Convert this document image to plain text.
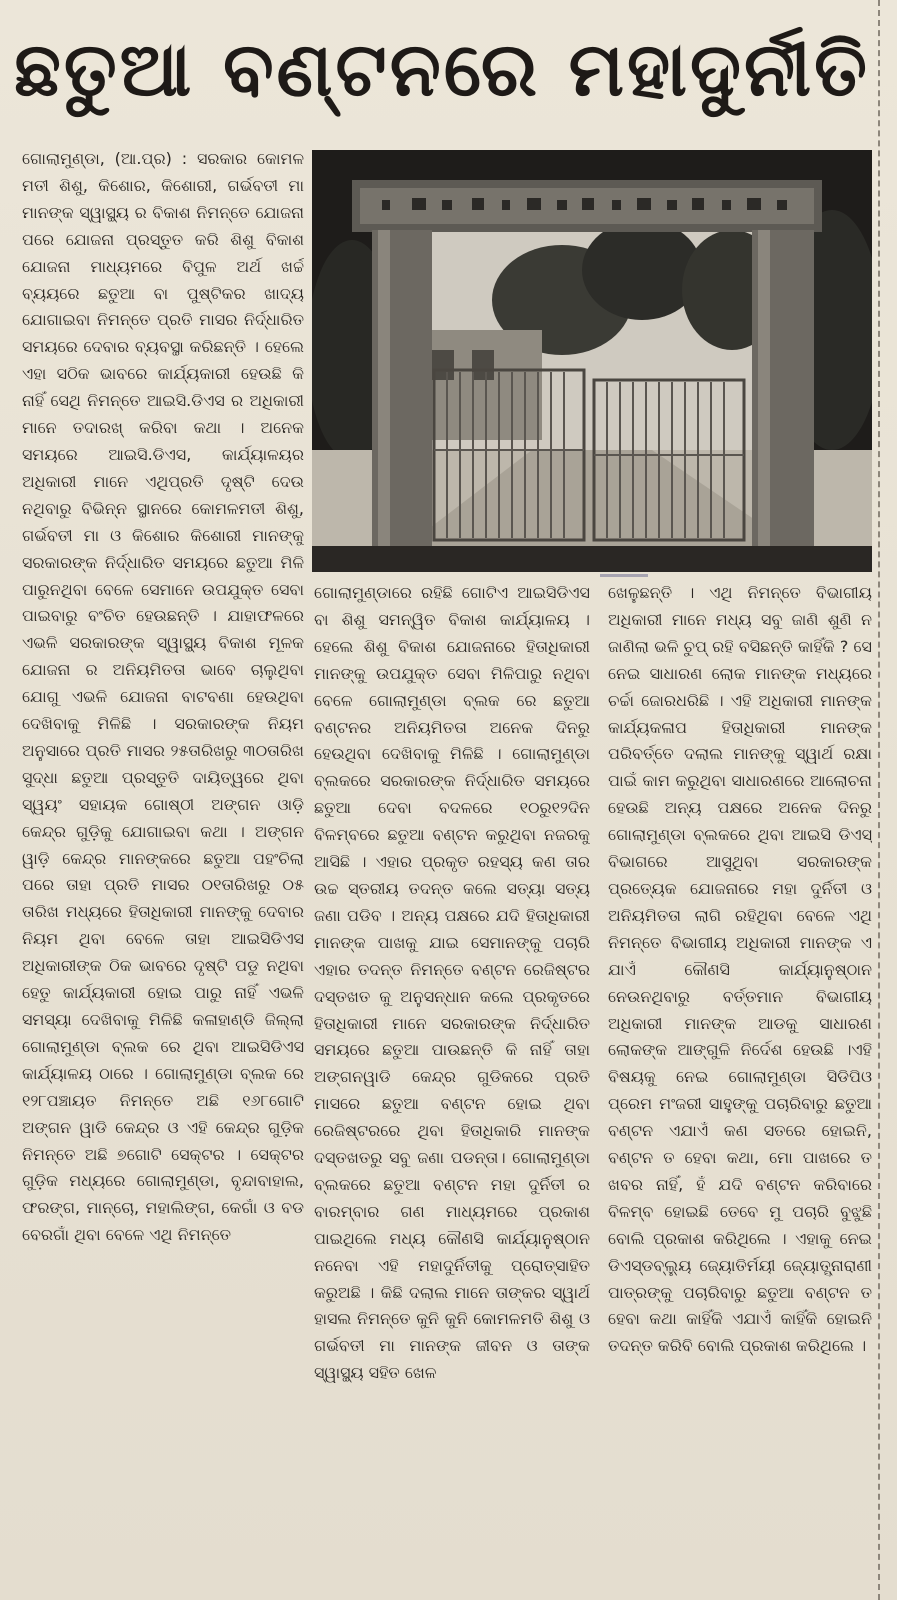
ଛତୁଆ ବଣ୍ଟନରେ ମହାଦୁର୍ନୀତି
ଗୋଲାମୁଣ୍ଡା, (ଆ.ପ୍ର) : ସରକାର କୋମଳ ମତୀ ଶିଶୁ, କିଶୋର, କିଶୋରୀ, ଗର୍ଭବତୀ ମା ମାନଙ୍କ ସ୍ୱାସ୍ଥ୍ୟ ର ବିକାଶ ନିମନ୍ତେ ଯୋଜନା ପରେ ଯୋଜନା ପ୍ରସ୍ତୁତ କରି ଶିଶୁ ବିକାଶ ଯୋଜନା ମାଧ୍ୟମରେ ବିପୁଳ ଅର୍ଥ ଖର୍ଚ୍ଚ ବ୍ୟୟରେ ଛତୁଆ ବା ପୁଷ୍ଟିକର ଖାଦ୍ୟ ଯୋଗାଇବା ନିମନ୍ତେ ପ୍ରତି ମାସର ନିର୍ଦ୍ଧାରିତ ସମୟରେ ଦେବାର ବ୍ୟବସ୍ଥା କରିଛନ୍ତି । ହେଲେ ଏହା ସଠିକ ଭାବରେ କାର୍ଯ୍ୟକାରୀ ହେଉଛି କି ନାହିଁ ସେଥି ନିମନ୍ତେ ଆଇସି.ଡିଏସ ର ଅଧିକାରୀ ମାନେ ତଦାରଖ୍ କରିବା କଥା । ଅନେକ ସମୟରେ ଆଇସି.ଡିଏସ, କାର୍ଯ୍ୟାଳୟର ଅଧିକାରୀ ମାନେ ଏଥିପ୍ରତି ଦୃଷ୍ଟି ଦେଉ ନଥିବାରୁ ବିଭିନ୍ନ ସ୍ଥାନରେ କୋମଳମତୀ ଶିଶୁ, ଗର୍ଭବତୀ ମା ଓ କିଶୋର କିଶୋରୀ ମାନଙ୍କୁ ସରକାରଙ୍କ ନିର୍ଦ୍ଧାରିତ ସମୟରେ ଛତୁଆ ମିଳି ପାରୁନଥିବା ବେଳେ ସେମାନେ ଉପଯୁକ୍ତ ସେବା ପାଇବାରୁ ବଂଚିତ ହେଉଛନ୍ତି । ଯାହାଫଳରେ ଏଭଳି ସରକାରଙ୍କ ସ୍ୱାସ୍ଥ୍ୟ ବିକାଶ ମୂଳକ ଯୋଜନା ର ଅନିୟମିତତା ଭାବେ ଚାଲୁଥିବା ଯୋଗୁ ଏଭଳି ଯୋଜନା ବାଟବଣା ହେଉଥିବା ଦେଖିବାକୁ ମିଳିଛି । ସରକାରଙ୍କ ନିୟମ ଅନୁସାରେ ପ୍ରତି ମାସର ୨୫ତାରିଖରୁ ୩୦ତାରିଖ ସୁଦ୍ଧା ଛତୁଆ ପ୍ରସ୍ତୁତି ଦାୟିତ୍ୱରେ ଥିବା ସ୍ୱୟଂ ସହାୟକ ଗୋଷ୍ଠୀ ଅଙ୍ଗନ ଓାଡ଼ି କେନ୍ଦ୍ର ଗୁଡ଼ିକୁ ଯୋଗାଇବା କଥା । ଅଙ୍ଗନ ୱାଡ଼ି କେନ୍ଦ୍ର ମାନଙ୍କରେ ଛତୁଆ ପହଂଚିଲା ପରେ ତାହା ପ୍ରତି ମାସର ୦୧ତାରିଖରୁ ୦୫ ତାରିଖ ମଧ୍ୟରେ ହିତାଧିକାରୀ ମାନଙ୍କୁ ଦେବାର ନିୟମ ଥିବା ବେଳେ ତାହା ଆଇସିଡିଏସ ଅଧିକାରୀଙ୍କ ଠିକ ଭାବରେ ଦୃଷ୍ଟି ପଡୁ ନଥିବା ହେତୁ କାର୍ଯ୍ୟକାରୀ ହୋଇ ପାରୁ ନାହିଁ ଏଭଳି ସମସ୍ୟା ଦେଖିବାକୁ ମିଳିଛି କଳାହାଣ୍ଡି ଜିଲ୍ଲା ଗୋଲାମୁଣ୍ଡା ବ୍ଲକ ରେ ଥିବା ଆଇସିଡିଏସ କାର୍ଯ୍ୟାଳୟ ଠାରେ । ଗୋଲାମୁଣ୍ଡା ବ୍ଲକ ରେ ୧୨୮ପଞ୍ଚାୟତ ନିମନ୍ତେ ଅଛି ୧୬୮ଗୋଟି ଅଙ୍ଗନ ୱାଡି କେନ୍ଦ୍ର ଓ ଏହି କେନ୍ଦ୍ର ଗୁଡ଼ିକ ନିମନ୍ତେ ଅଛି ୭ଗୋଟି ସେକ୍ଟର । ସେକ୍ଟର ଗୁଡ଼ିକ ମଧ୍ୟରେ ଗୋଲାମୁଣ୍ଡା, ବୃନ୍ଦାବାହାଲ, ଫରଙ୍ଗ, ମାନ୍‌ଚୋ, ମହାଲିଙ୍ଗ, କେଗାଁ ଓ ବଡ ବେରଗାଁ ଥିବା ବେଳେ ଏଥି ନିମନ୍ତେ
ଗୋଲାମୁଣ୍ଡାରେ ରହିଛି ଗୋଟିଏ ଆଇସିଡିଏସ ବା ଶିଶୁ ସମନ୍ୱିତ ବିକାଶ କାର୍ଯ୍ୟାଳୟ । ହେଲେ ଶିଶୁ ବିକାଶ ଯୋଜନାରେ ହିତାଧିକାରୀ ମାନଙ୍କୁ ଉପଯୁକ୍ତ ସେବା ମିଳିପାରୁ ନଥିବା ବେଳେ ଗୋଲାମୁଣ୍ଡା ବ୍ଲକ ରେ ଛତୁଆ ବଣ୍ଟନର ଅନିୟମିତତା ଅନେକ ଦିନରୁ ହେଉଥିବା ଦେଖିବାକୁ ମିଳିଛି । ଗୋଲାମୁଣ୍ଡା ବ୍ଲକରେ ସରକାରଙ୍କ ନିର୍ଦ୍ଧାରିତ ସମୟରେ ଛତୁଆ ଦେବା ବଦଳରେ ୧୦ରୁ୧୨ଦିନ ବିଳମ୍ବରେ ଛତୁଆ ବଣ୍ଟନ କରୁଥିବା ନଜରକୁ ଆସିଛି । ଏହାର ପ୍ରକୃତ ରହସ୍ୟ କଣ ତାର ଉଚ୍ଚ ସ୍ତରୀୟ ତଦନ୍ତ କଲେ ସତ୍ୟା ସତ୍ୟ ଜଣା ପଡିବ । ଅନ୍ୟ ପକ୍ଷରେ ଯଦି ହିତାଧିକାରୀ ମାନଙ୍କ ପାଖକୁ ଯାଇ ସେମାନଙ୍କୁ ପଚାରି ଏହାର ତଦନ୍ତ ନିମନ୍ତେ ବଣ୍ଟନ ରେଜିଷ୍ଟର ଦସ୍ତଖତ କୁ ଅନୁସନ୍ଧାନ କଲେ ପ୍ରକୃତରେ ହିତାଧିକାରୀ ମାନେ ସରକାରଙ୍କ ନିର୍ଦ୍ଧାରିତ ସମୟରେ ଛତୁଆ ପାଉଛନ୍ତି କି ନାହିଁ ତାହା ଅଙ୍ଗନୱାଡି କେନ୍ଦ୍ର ଗୁଡିକରେ ପ୍ରତି ମାସରେ ଛତୁଆ ବଣ୍ଟନ ହୋଇ ଥିବା ରେଜିଷ୍ଟରରେ ଥିବା ହିତାଧିକାରି ମାନଙ୍କ ଦସ୍ତଖତରୁ ସବୁ ଜଣା ପଡନ୍ତା। ଗୋଲାମୁଣ୍ଡା ବ୍ଲକରେ ଛତୁଆ ବଣ୍ଟନ ମହା ଦୁର୍ନିତୀ ର ବାରମ୍ବାର ଗଣ ମାଧ୍ୟମରେ ପ୍ରକାଶ ପାଇଥିଲେ ମଧ୍ୟ କୌଣସି କାର୍ଯ୍ୟାନୁଷ୍ଠାନ ନନେବା ଏହି ମହାଦୁର୍ନିତୀକୁ ପ୍ରୋତ୍ସାହିତ କରୁଅଛି । କିଛି ଦଲାଲ ମାନେ ତାଙ୍କର ସ୍ୱାର୍ଥ ହାସଲ ନିମନ୍ତେ କୁନି କୁନି କୋମଳମତି ଶିଶୁ ଓ ଗର୍ଭବତୀ ମା ମାନଙ୍କ ଜୀବନ ଓ ତାଙ୍କ ସ୍ୱାସ୍ଥ୍ୟ ସହିତ ଖେଳ
ଖେଳୁଛନ୍ତି । ଏଥି ନିମନ୍ତେ ବିଭାଗୀୟ ଅଧିକାରୀ ମାନେ ମଧ୍ୟ ସବୁ ଜାଣି ଶୁଣି ନ ଜାଣିଲା ଭଳି ଚୁପ୍ ରହି ବସିଛନ୍ତି କାହିଁକି ? ସେ ନେଇ ସାଧାରଣ ଲୋକ ମାନଙ୍କ ମଧ୍ୟରେ ଚର୍ଚ୍ଚା ଜୋରଧରିଛି । ଏହି ଅଧିକାରୀ ମାନଙ୍କ କାର୍ଯ୍ୟକଳାପ ହିତାଧିକାରୀ ମାନଙ୍କ ପରିବର୍ତ୍ତେ ଦଲାଲ ମାନଙ୍କୁ ସ୍ୱାର୍ଥ ରକ୍ଷା ପାଇଁ କାମ କରୁଥିବା ସାଧାରଣରେ ଆଲୋଚନା ହେଉଛି ଅନ୍ୟ ପକ୍ଷରେ ଅନେକ ଦିନରୁ ଗୋଲାମୁଣ୍ଡା ବ୍ଲକରେ ଥିବା ଆଇସି ଡିଏସ୍ ବିଭାଗରେ ଆସୁଥିବା ସରକାରଙ୍କ ପ୍ରତ୍ୟେକ ଯୋଜନାରେ ମହା ଦୁର୍ନିତୀ ଓ ଅନିୟମିତତା ଲାଗି ରହିଥିବା ବେଳେ ଏଥି ନିମନ୍ତେ ବିଭାଗୀୟ ଅଧିକାରୀ ମାନଙ୍କ ଏ ଯାଏଁ କୌଣସି କାର୍ଯ୍ୟାନୁଷ୍ଠାନ ନେଉନଥିବାରୁ ବର୍ତ୍ତମାନ ବିଭାଗୀୟ ଅଧିକାରୀ ମାନଙ୍କ ଆଡକୁ ସାଧାରଣ ଲୋକଙ୍କ ଆଙ୍ଗୁଳି ନିର୍ଦେଶ ହେଉଛି ।ଏହି ବିଷୟକୁ ନେଇ ଗୋଲାମୁଣ୍ଡା ସିଡିପିଓ ପ୍ରେମ ମଂଜରୀ ସାହୁଙ୍କୁ ପଚାରିବାରୁ ଛତୁଆ ବଣ୍ଟନ ଏଯାଏଁ କଣ ସତରେ ହୋଇନି, ବଣ୍ଟନ ତ ହେବା କଥା, ମୋ ପାଖରେ ତ ଖବର ନାହିଁ, ହଁ ଯଦି ବଣ୍ଟନ କରିବାରେ ବିଳମ୍ବ ହୋଇଛି ତେବେ ମୁ ପଚାରି ବୁଝୁଛି ବୋଲି ପ୍ରକାଶ କରିଥିଲେ । ଏହାକୁ ନେଇ ଡିଏସ୍‌ଡବ୍ଲ୍ୟୁ ଜ୍ୟୋତିର୍ମୟୀ ଜ୍ୟୋତ୍ସ୍ନାରାଣୀ ପାତ୍ରଙ୍କୁ ପଚାରିବାରୁ ଛତୁଆ ବଣ୍ଟନ ତ ହେବା କଥା କାହିଁକି ଏଯାଏଁ କାହିଁକି ହୋଇନି ତଦନ୍ତ କରିବି ବୋଲି ପ୍ରକାଶ କରିଥିଲେ ।
